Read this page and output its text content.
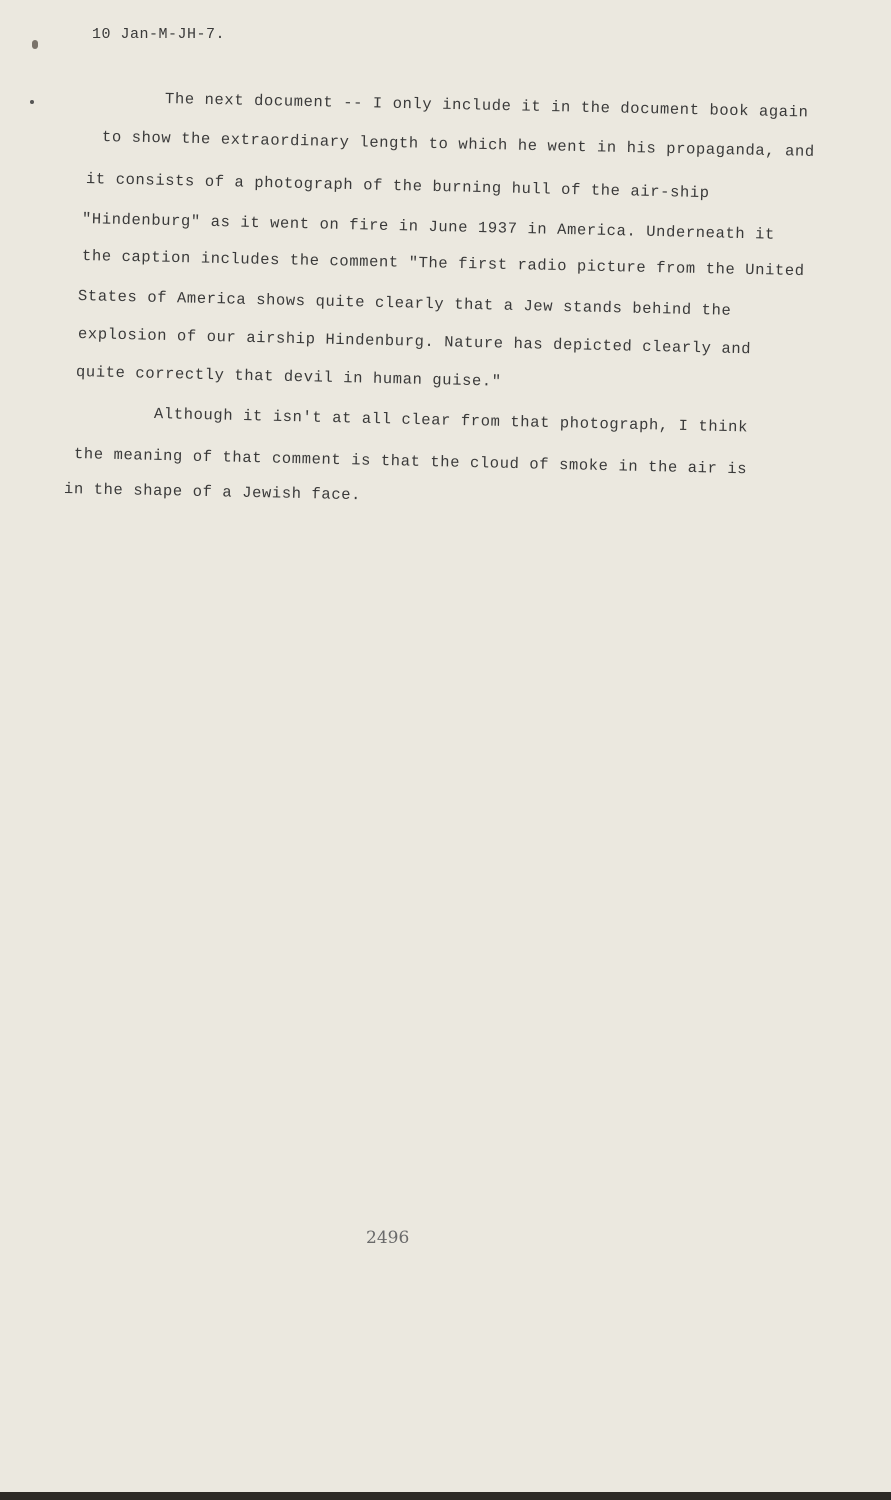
10 Jan-M-JH-7.
The next document -- I only include it in the document book again
to show the extraordinary length to which he went in his propaganda, and
it consists of a photograph of the burning hull of the air-ship
"Hindenburg" as it went on fire in June 1937 in America. Underneath it
the caption includes the comment "The first radio picture from the United
States of America shows quite clearly that a Jew stands behind the
explosion of our airship Hindenburg. Nature has depicted clearly and
quite correctly that devil in human guise."
Although it isn't at all clear from that photograph, I think
the meaning of that comment is that the cloud of smoke in the air is
in the shape of a Jewish face.
2496
